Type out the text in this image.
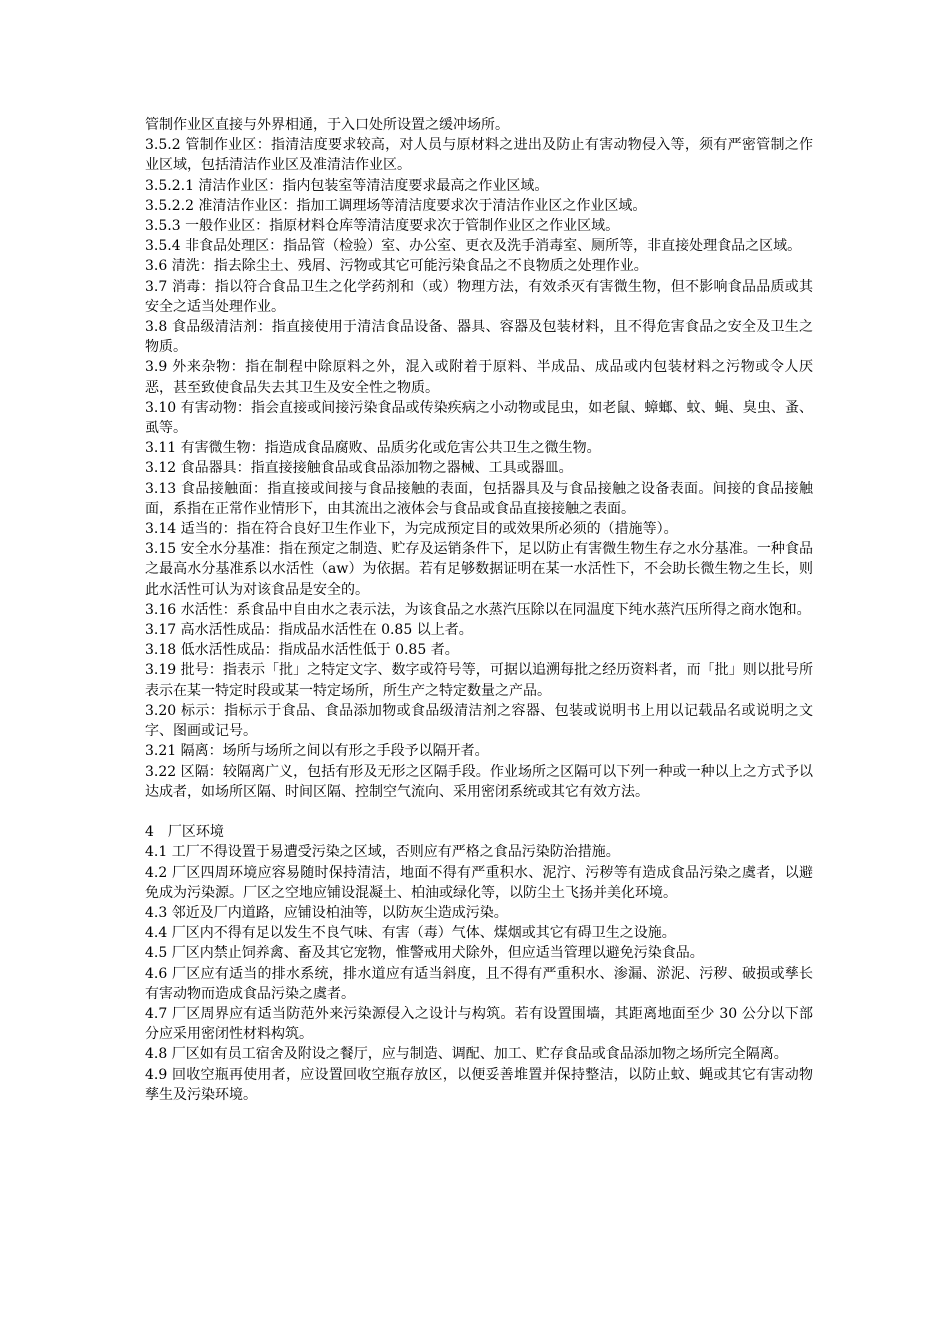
管制作业区直接与外界相通，于入口处所设置之缓冲场所。

3.5.2 管制作业区：指清洁度要求较高，对人员与原材料之进出及防止有害动物侵入等，须有严密管制之作业区域，包括清洁作业区及准清洁作业区。

3.5.2.1 清洁作业区：指内包装室等清洁度要求最高之作业区域。

3.5.2.2 准清洁作业区：指加工调理场等清洁度要求次于清洁作业区之作业区域。

3.5.3 一般作业区：指原材料仓库等清洁度要求次于管制作业区之作业区域。

3.5.4 非食品处理区：指品管（检验）室、办公室、更衣及洗手消毒室、厕所等，非直接处理食品之区域。

3.6 清洗：指去除尘土、残屑、污物或其它可能污染食品之不良物质之处理作业。

3.7 消毒：指以符合食品卫生之化学药剂和（或）物理方法，有效杀灭有害微生物，但不影响食品品质或其安全之适当处理作业。

3.8 食品级清洁剂：指直接使用于清洁食品设备、器具、容器及包装材料，且不得危害食品之安全及卫生之物质。

3.9 外来杂物：指在制程中除原料之外，混入或附着于原料、半成品、成品或内包装材料之污物或令人厌恶，甚至致使食品失去其卫生及安全性之物质。

3.10 有害动物：指会直接或间接污染食品或传染疾病之小动物或昆虫，如老鼠、蟑螂、蚊、蝇、臭虫、蚤、虱等。

3.11 有害微生物：指造成食品腐败、品质劣化或危害公共卫生之微生物。

3.12 食品器具：指直接接触食品或食品添加物之器械、工具或器皿。

3.13 食品接触面：指直接或间接与食品接触的表面，包括器具及与食品接触之设备表面。间接的食品接触面，系指在正常作业情形下，由其流出之液体会与食品或食品直接接触之表面。

3.14 适当的：指在符合良好卫生作业下，为完成预定目的或效果所必须的（措施等）。

3.15 安全水分基准：指在预定之制造、贮存及运销条件下，足以防止有害微生物生存之水分基准。一种食品之最高水分基准系以水活性（aw）为依据。若有足够数据证明在某一水活性下，不会助长微生物之生长，则此水活性可认为对该食品是安全的。

3.16 水活性：系食品中自由水之表示法，为该食品之水蒸汽压除以在同温度下纯水蒸汽压所得之商水饱和。

3.17 高水活性成品：指成品水活性在 0.85 以上者。

3.18 低水活性成品：指成品水活性低于 0.85 者。

3.19 批号：指表示「批」之特定文字、数字或符号等，可据以追溯每批之经历资料者，而「批」则以批号所表示在某一特定时段或某一特定场所，所生产之特定数量之产品。

3.20 标示：指标示于食品、食品添加物或食品级清洁剂之容器、包装或说明书上用以记载品名或说明之文字、图画或记号。

3.21 隔离：场所与场所之间以有形之手段予以隔开者。

3.22 区隔：较隔离广义，包括有形及无形之区隔手段。作业场所之区隔可以下列一种或一种以上之方式予以达成者，如场所区隔、时间区隔、控制空气流向、采用密闭系统或其它有效方法。

4　厂区环境

4.1 工厂不得设置于易遭受污染之区域，否则应有严格之食品污染防治措施。

4.2 厂区四周环境应容易随时保持清洁，地面不得有严重积水、泥泞、污秽等有造成食品污染之虞者，以避免成为污染源。厂区之空地应铺设混凝土、柏油或绿化等，以防尘土飞扬并美化环境。

4.3 邻近及厂内道路，应铺设柏油等，以防灰尘造成污染。

4.4 厂区内不得有足以发生不良气味、有害（毒）气体、煤烟或其它有碍卫生之设施。

4.5 厂区内禁止饲养禽、畜及其它宠物，惟警戒用犬除外，但应适当管理以避免污染食品。

4.6 厂区应有适当的排水系统，排水道应有适当斜度，且不得有严重积水、渗漏、淤泥、污秽、破损或孳长有害动物而造成食品污染之虞者。

4.7 厂区周界应有适当防范外来污染源侵入之设计与构筑。若有设置围墙，其距离地面至少 30 公分以下部分应采用密闭性材料构筑。

4.8 厂区如有员工宿舍及附设之餐厅，应与制造、调配、加工、贮存食品或食品添加物之场所完全隔离。

4.9 回收空瓶再使用者，应设置回收空瓶存放区，以便妥善堆置并保持整洁，以防止蚊、蝇或其它有害动物孳生及污染环境。
